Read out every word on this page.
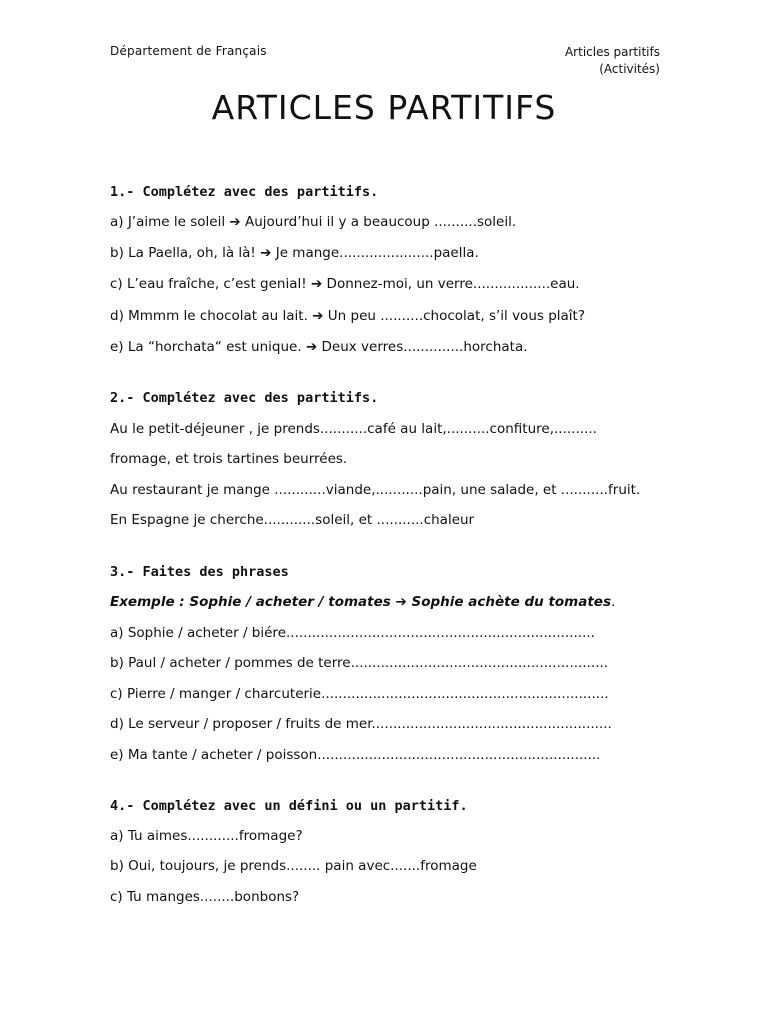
Département de Français	Articles partitifs
(Activités)
ARTICLES PARTITIFS
1.- Complétez avec des partitifs.
a) J’aime le soleil ➔ Aujourd’hui il y a beaucoup ..........soleil.
b) La Paella, oh, là là! ➔ Je mange......................paella.
c) L’eau fraîche, c’est genial! ➔ Donnez-moi, un verre..................eau.
d) Mmmm le chocolat au lait. ➔ Un peu ..........chocolat, s’il vous plaît?
e) La “horchata“ est unique. ➔ Deux verres..............horchata.
2.- Complétez avec des partitifs.
Au le petit-déjeuner , je prends...........café au lait,..........confiture,..........
fromage, et trois tartines beurrées.
Au restaurant je mange ............viande,...........pain, une salade, et ...........fruit.
En Espagne je cherche............soleil, et ...........chaleur
3.- Faites des phrases
Exemple : Sophie / acheter / tomates ➔ Sophie achète du tomates.
a) Sophie / acheter / biére........................................................................
b) Paul / acheter / pommes de terre............................................................
c) Pierre / manger / charcuterie...................................................................
d) Le serveur / proposer / fruits de mer........................................................
e) Ma tante / acheter / poisson..................................................................
4.- Complétez avec un défini ou un partitif.
a) Tu aimes............fromage?
b) Oui, toujours, je prends........ pain avec.......fromage
c) Tu manges........bonbons?
